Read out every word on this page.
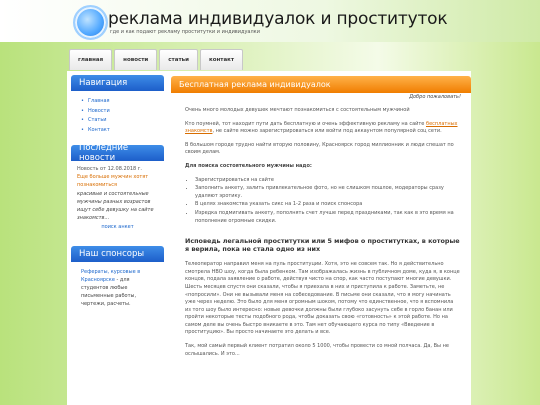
реклама индивидуалок и проституток
где и как подают рекламу проститутки и индивидуалки
главная	новости	статьи	контакт
Навигация
• Главная
• Новости
• Статьи
• Контакт
Последние новости
Новость от 12.08.2018 г.
Еще больше мужчин хотят познакомиться
красивые и состоятельные мужчины разных возрастов ищут себе девушку на сайте знакомств...
поиск анкет
Наш спонсоры
Рефераты, курсовые в Красноярске - для студентов любые письменные работы, чертежи, расчеты.
Бесплатная реклама индивидуалок
Добро пожаловать!

Очень много молодых девушек мечтают познакомиться с состоятельным мужчиной

Кто поумней, тот находит пути дать бесплатную и очень эффективную рекламу на сайте бесплатных знакомств, не сайте можно зарегистрироваться или войти под аккаунтом популярной соц сети.

В большом городе трудно найти вторую половину, Красноярск город миллионник и люди спешат по своим делам.

Для поиска состоятельного мужчины надо:

• Зарегистрироваться на сайте
• Заполнить анкету, залить привлекательное фото, но не слишком пошлое, модераторы сразу удаляют эротику.
• В целях знакомства указать сикс на 1-2 раза и поиск спонсора
• Изредка подмигивать анкету, пополнять счет лучше перед праздниками, так как в это время на пополнение огромные скидки.
Исповедь легальной проститутки или 5 мифов о проститутках, в которые я верила, пока не стала одно из них

Телеоператор направил меня на пуль проституции. Хотя, это не совсем так. Но я действительно смотрела НВО шоу, когда была ребенком. Там изображалась жизнь в публичном доме, куда я, в конце концов, подала заявление о работе, действуя чисто на спор, как часто поступают многие девушки. Шесть месяцев спустя они сказали, чтобы я приехала в них и приступила к работе. Заметьте, не «попросили». Они не вызывали меня на собеседование. В письме они сказали, что я могу начинать уже через неделю. Это было для меня огромным шоком, потому что единственное, что я вспомнила из того шоу было интересно: новые девочки должны были глубоко засунуть себе в горло банан или пройти некоторые тесты подобного рода, чтобы доказать свою «готовность» к этой работе. Но на самом деле вы очень быстро вникаете в это. Там нет обучающего курса по типу «Введение в проституцию». Вы просто начинаете это делать и все.

Так, мой самый первый клиент потратил около 5 1000, чтобы провести со мной полчаса. Да, Вы не ослышались. И это...
